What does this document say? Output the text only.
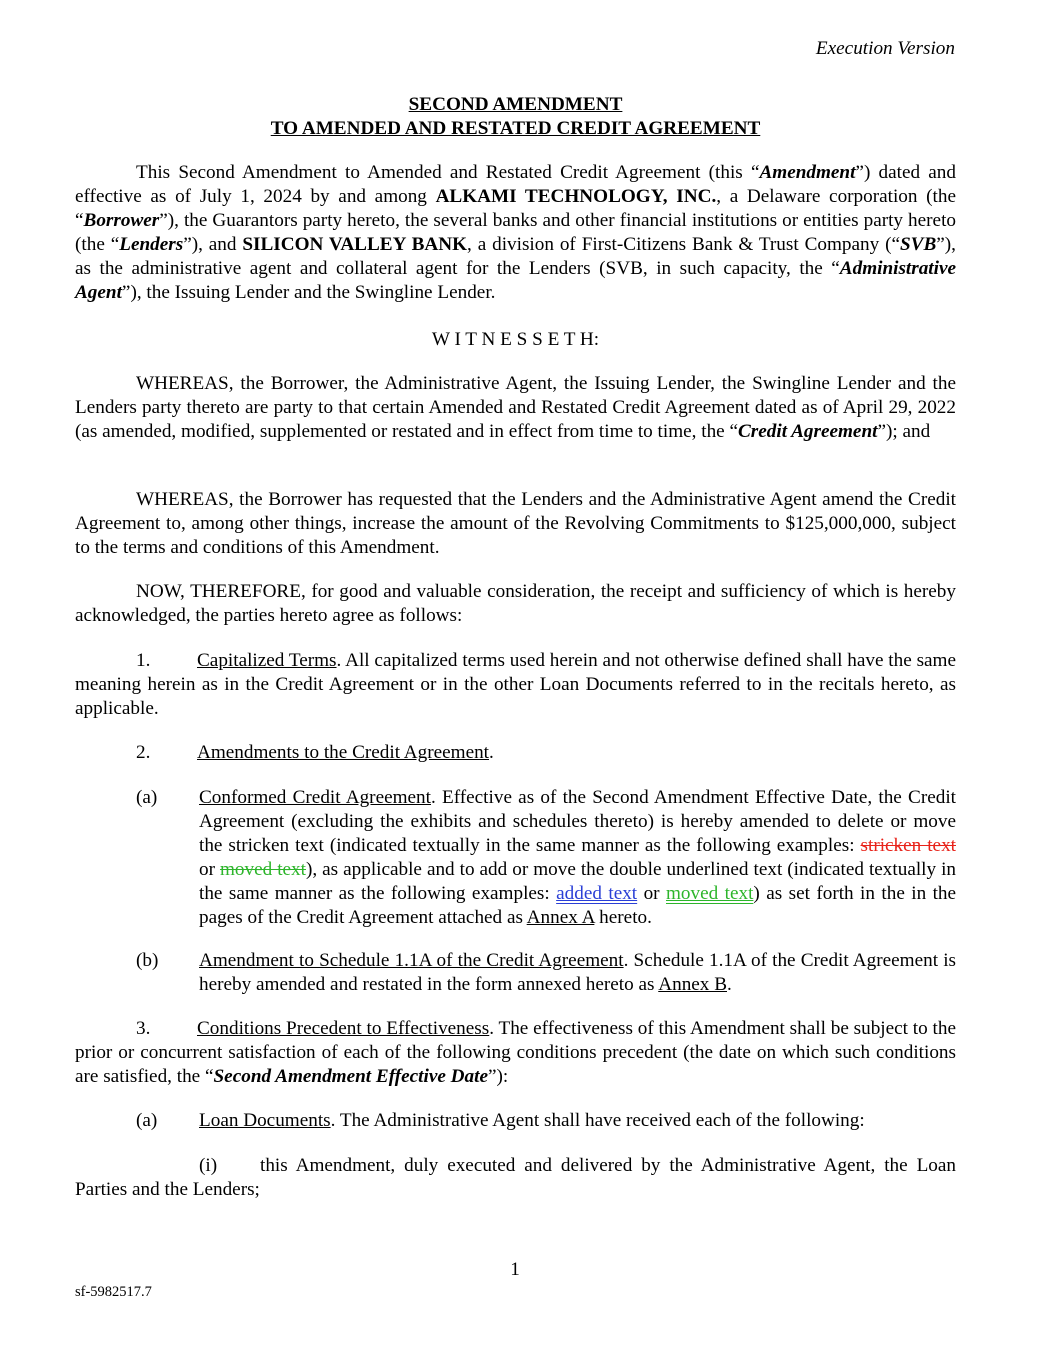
Execution Version
SECOND AMENDMENT
TO AMENDED AND RESTATED CREDIT AGREEMENT

This Second Amendment to Amended and Restated Credit Agreement (this “Amendment”) dated and effective as of July 1, 2024 by and among ALKAMI TECHNOLOGY, INC., a Delaware corporation (the “Borrower”), the Guarantors party hereto, the several banks and other financial institutions or entities party hereto (the “Lenders”), and SILICON VALLEY BANK, a division of First-Citizens Bank & Trust Company (“SVB”), as the administrative agent and collateral agent for the Lenders (SVB, in such capacity, the “Administrative Agent”), the Issuing Lender and the Swingline Lender.

W I T N E S S E T H:

WHEREAS, the Borrower, the Administrative Agent, the Issuing Lender, the Swingline Lender and the Lenders party thereto are party to that certain Amended and Restated Credit Agreement dated as of April 29, 2022 (as amended, modified, supplemented or restated and in effect from time to time, the “Credit Agreement”); and

WHEREAS, the Borrower has requested that the Lenders and the Administrative Agent amend the Credit Agreement to, among other things, increase the amount of the Revolving Commitments to $125,000,000, subject to the terms and conditions of this Amendment.

NOW, THEREFORE, for good and valuable consideration, the receipt and sufficiency of which is hereby acknowledged, the parties hereto agree as follows:

1. Capitalized Terms. All capitalized terms used herein and not otherwise defined shall have the same meaning herein as in the Credit Agreement or in the other Loan Documents referred to in the recitals hereto, as applicable.

2. Amendments to the Credit Agreement.

(a) Conformed Credit Agreement. Effective as of the Second Amendment Effective Date, the Credit Agreement (excluding the exhibits and schedules thereto) is hereby amended to delete or move the stricken text (indicated textually in the same manner as the following examples: stricken text or moved text), as applicable and to add or move the double underlined text (indicated textually in the same manner as the following examples: added text or moved text) as set forth in the in the pages of the Credit Agreement attached as Annex A hereto.

(b) Amendment to Schedule 1.1A of the Credit Agreement. Schedule 1.1A of the Credit Agreement is hereby amended and restated in the form annexed hereto as Annex B.

3. Conditions Precedent to Effectiveness. The effectiveness of this Amendment shall be subject to the prior or concurrent satisfaction of each of the following conditions precedent (the date on which such conditions are satisfied, the “Second Amendment Effective Date”):

(a) Loan Documents. The Administrative Agent shall have received each of the following:

(i) this Amendment, duly executed and delivered by the Administrative Agent, the Loan Parties and the Lenders;

1
sf-5982517.7
